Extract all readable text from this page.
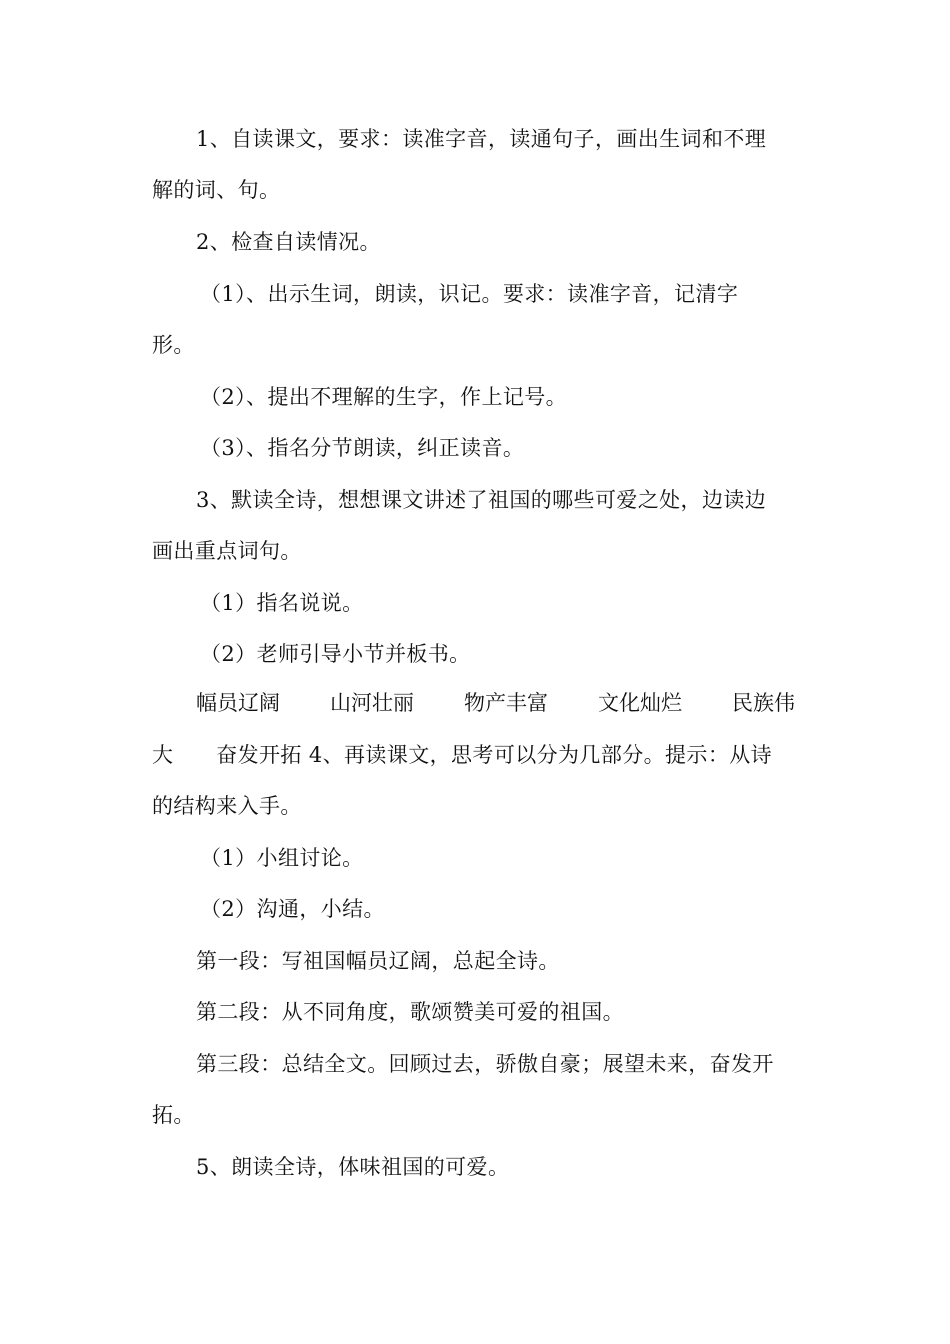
1、自读课文，要求：读准字音，读通句子，画出生词和不理
解的词、句。
2、检查自读情况。
（1）、出示生词，朗读，识记。要求：读准字音，记清字
形。
（2）、提出不理解的生字，作上记号。
（3）、指名分节朗读，纠正读音。
3、默读全诗，想想课文讲述了祖国的哪些可爱之处，边读边
画出重点词句。
（1）指名说说。
（2）老师引导小节并板书。
幅员辽阔 山河壮丽 物产丰富 文化灿烂 民族伟
大　　奋发开拓 4、再读课文，思考可以分为几部分。提示：从诗
的结构来入手。
（1）小组讨论。
（2）沟通，小结。
第一段：写祖国幅员辽阔，总起全诗。
第二段：从不同角度，歌颂赞美可爱的祖国。
第三段：总结全文。回顾过去，骄傲自豪；展望未来，奋发开
拓。
5、朗读全诗，体味祖国的可爱。
